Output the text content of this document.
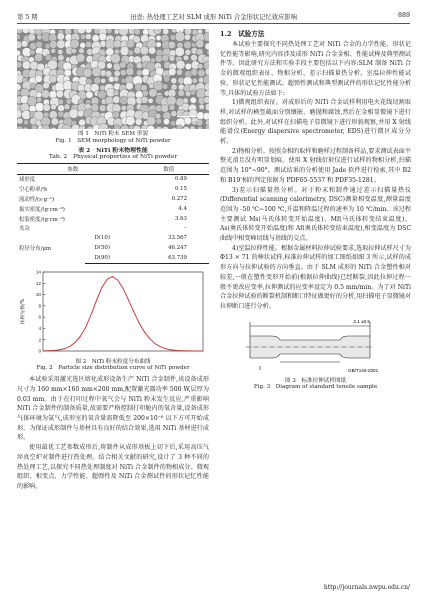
第 5 期	田壹: 热处理工艺对 SLM 成形 NiTi 合金形状记忆效应影响	889
100 μm
图 1　NiTi 粉末 SEM 形貌
Fig. 1　SEM morphology of NiTi powder
表 2　NiTi 粉末物理性能
Tab. 2　Physical properties of NiTi powder
参数		数值
球形度		0.89
空心粉率/%		0.15
流动性/(s·g⁻¹)		0.272
振实密度/(g·cm⁻³)		4.4
松装密度/(g·cm⁻³)		3.63
夹杂		–
粒径分布/μm	D(10)	33.567
	D(50)	46.247
	D(90)	63.739
0
2
4
6
8
10
12
14
体积分数/%
图 2　NiTi 粉末粒度分布曲线
Fig. 2　Particle size distribution curve of NiTi powder

本试验采用激光选区熔化成形设备生产 NiTi 合金制件,该设备成形尺寸为 160 mm×160 mm×200 mm,配置激光器功率 500 W,层厚为 0.03 mm。由于在打印过程中氧气会与 NiTi 粉末发生反应,严重影响 NiTi 合金制件的制备质量,故需要严格控制打印舱内的氧含量,设备成形气体环境为氩气,成形室的氧含量需降低至 200×10⁻⁶ 以下方可开始成形。为保证成形制件与基材具有良好的结合效果,选用 NiTi 基材进行成形。

使用最优工艺参数成形后,将制件从成形基板上切下后,采用高压气淬真空炉对制件进行热处理。结合相关文献的研究,设计了 3 种不同的热处理工艺,以探究不同热处理制度对 NiTi 合金制件的物相成分、微观组织、相变点、力学性能、超弹性及 NiTi 合金测试件的形状记忆性能的影响。

1.2　试验方法

本试验主要探究不同热处理工艺对 NiTi 合金的力学性能、形状记忆性能等影响,研究内容涉及成形 NiTi 合金金相、性能试棒及典型测试件等。因此研究方法和实验手段主要包括以下内容:SLM 制备 NiTi 合金的微观组织表征、物相分析、差示扫描量热分析、室温拉伸性能试验、形状记忆性能测试、超弹性测试和典型测试件的形状记忆性能分析等,具体的试验方法如下:

1)微观组织表征。对成形后的 NiTi 合金试样利用电火花线切割取样,对试样的横竖截面分别镶嵌、磨抛和腐蚀,然后在金相显微镜下进行组织分析。此外,对试样在扫描电子显微镜下进行形貌观察,并用 X 射线能谱仪(Energy dispersive spectrometer, EDS)进行微区成分分析。

2)物相分析。按照金相的取样和磨样过程制备样品,要求测试表面平整光滑且没有明显划痕。使用 X 射线衍射仪进行试样的物相分析,扫描范围为 10°~90°。测试结果的分析使用 Jade 软件进行检索,其中 B2 和 B19'相的判定依据为 PDF65-5537 和 PDF35-1281。

3)差示扫描量热分析。对于粉末和制件通过差示扫描量热仪(Differential scanning calorimetry, DSC)测量相变温度,测量温度范围为 -50 ℃~100 ℃,升温和降温过程的速率为 10 ℃/min。该过程主要测试 Ms(马氏体转变开始温度)、Mf(马氏体转变结束温度)、As(奥氏体转变开始温度)和 Af(奥氏体转变结束温度),相变温度为 DSC 曲线中相变峰切线与基线的交点。

4)室温拉伸性能。根据金属材料拉伸试验要求,选取拉伸试样尺寸为 Φ13 × 71 的棒状试样,标准拉伸试样的加工图纸如图 3 所示,试样的成形方向与拉伸试验的方向垂直。由于 SLM 成形的 NiTi 合金塑性相对较差,一般在塑性变形开始前(根据拉伸曲线)已经断裂,因此拉伸过程一般不更改应变率,拉伸测试的应变率设定为 0.5 mm/min。为了对 NiTi 合金拉伸试验的断裂机制和断口特征做更好的分析,用扫描电子显微镜对拉伸断口进行分析。

2.1 ±0.5
GB/T145-2001
图 3　标准拉伸试样图纸
Fig. 3　Diagram of standard tensile sample
http://journals.nwpu.edu.cn/
